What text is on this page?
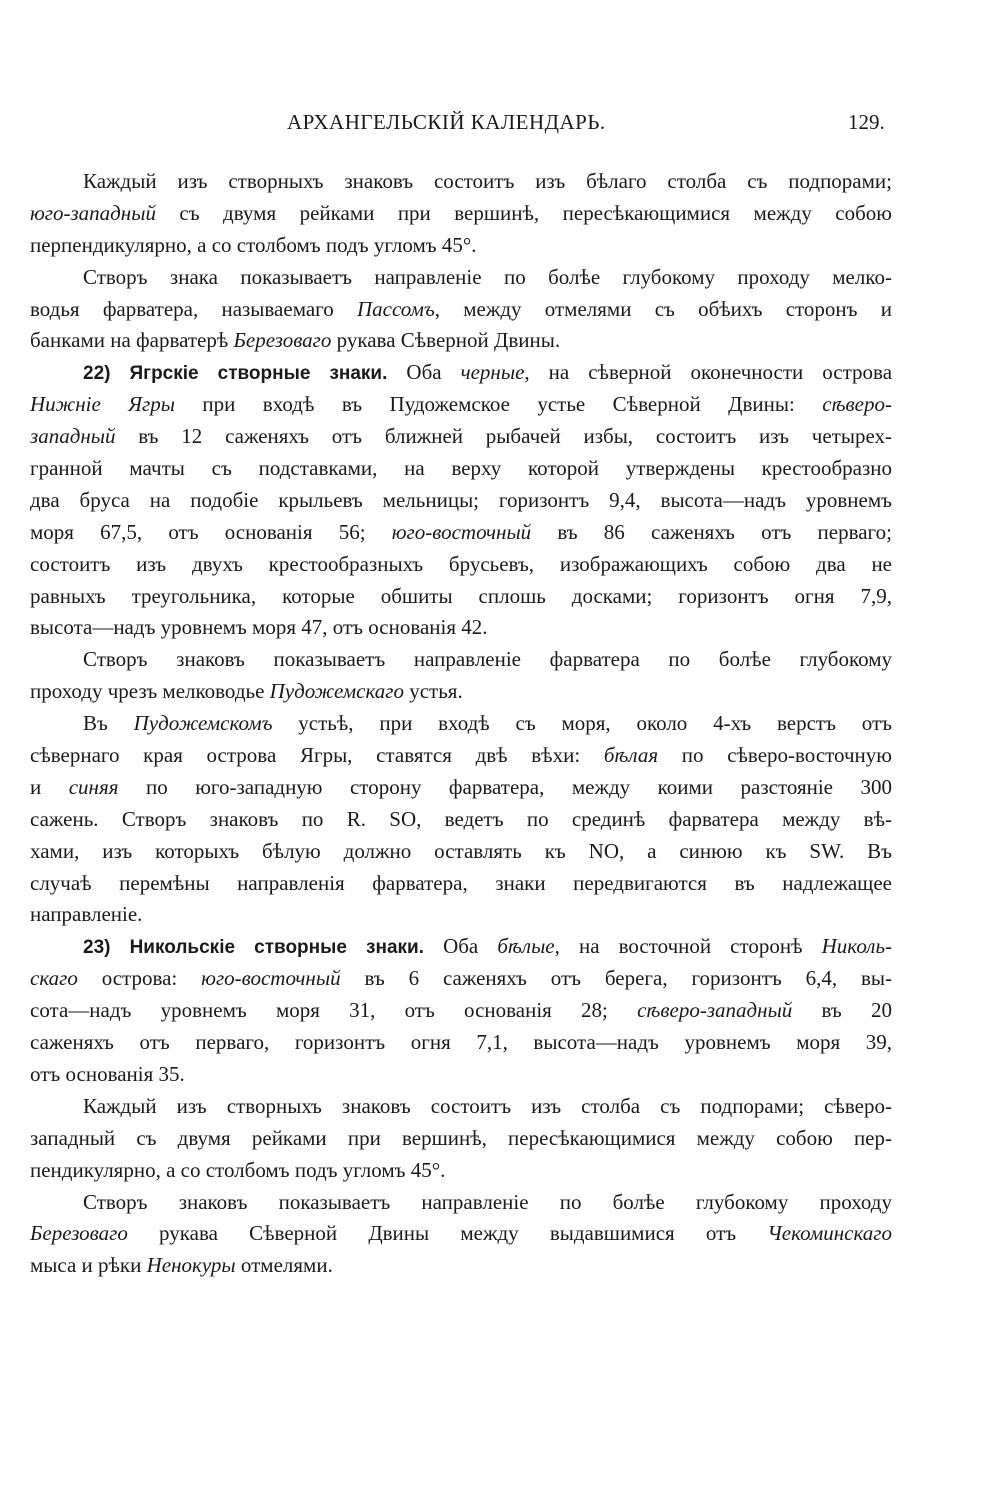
АРХАНГЕЛЬСКІЙ КАЛЕНДАРЬ.	129.
Каждый изъ створныхъ знаковъ состоитъ изъ бѣлаго столба съ подпорами;
юго-западный съ двумя рейками при вершинѣ, пересѣкающимися между собою
перпендикулярно, а со столбомъ подъ угломъ 45°.
Створъ знака показываетъ направленіе по болѣе глубокому проходу мелко-
водья фарватера, называемаго Пассомъ, между отмелями съ обѣихъ сторонъ и
банками на фарватерѣ Березоваго рукава Сѣверной Двины.
22) Ягрскіе створные знаки. Оба черные, на сѣверной оконечности острова
Нижніе Ягры при входѣ въ Пудожемское устье Сѣверной Двины: сѣверо-
западный въ 12 саженяхъ отъ ближней рыбачей избы, состоитъ изъ четырех-
гранной мачты съ подставками, на верху которой утверждены крестообразно
два бруса на подобіе крыльевъ мельницы; горизонтъ 9,4, высота—надъ уровнемъ
моря 67,5, отъ основанія 56; юго-восточный въ 86 саженяхъ отъ перваго;
состоитъ изъ двухъ крестообразныхъ брусьевъ, изображающихъ собою два не
равныхъ треугольника, которые обшиты сплошь досками; горизонтъ огня 7,9,
высота—надъ уровнемъ моря 47, отъ основанія 42.
Створъ знаковъ показываетъ направленіе фарватера по болѣе глубокому
проходу чрезъ мелководье Пудожемскаго устья.
Въ Пудожемскомъ устьѣ, при входѣ съ моря, около 4-хъ верстъ отъ
сѣвернаго края острова Ягры, ставятся двѣ вѣхи: бѣлая по сѣверо-восточную
и синяя по юго-западную сторону фарватера, между коими разстояніе 300
сажень. Створъ знаковъ по R. SO, ведетъ по срединѣ фарватера между вѣ-
хами, изъ которыхъ бѣлую должно оставлять къ NO, а синюю къ SW. Въ
случаѣ перемѣны направленія фарватера, знаки передвигаются въ надлежащее
направленіе.
23) Никольскіе створные знаки. Оба бѣлые, на восточной сторонѣ Николь-
скаго острова: юго-восточный въ 6 саженяхъ отъ берега, горизонтъ 6,4, вы-
сота—надъ уровнемъ моря 31, отъ основанія 28; сѣверо-западный въ 20
саженяхъ отъ перваго, горизонтъ огня 7,1, высота—надъ уровнемъ моря 39,
отъ основанія 35.
Каждый изъ створныхъ знаковъ состоитъ изъ столба съ подпорами; сѣверо-
западный съ двумя рейками при вершинѣ, пересѣкающимися между собою пер-
пендикулярно, а со столбомъ подъ угломъ 45°.
Створъ знаковъ показываетъ направленіе по болѣе глубокому проходу
Березоваго рукава Сѣверной Двины между выдавшимися отъ Чекоминскаго
мыса и рѣки Ненокуры отмелями.
